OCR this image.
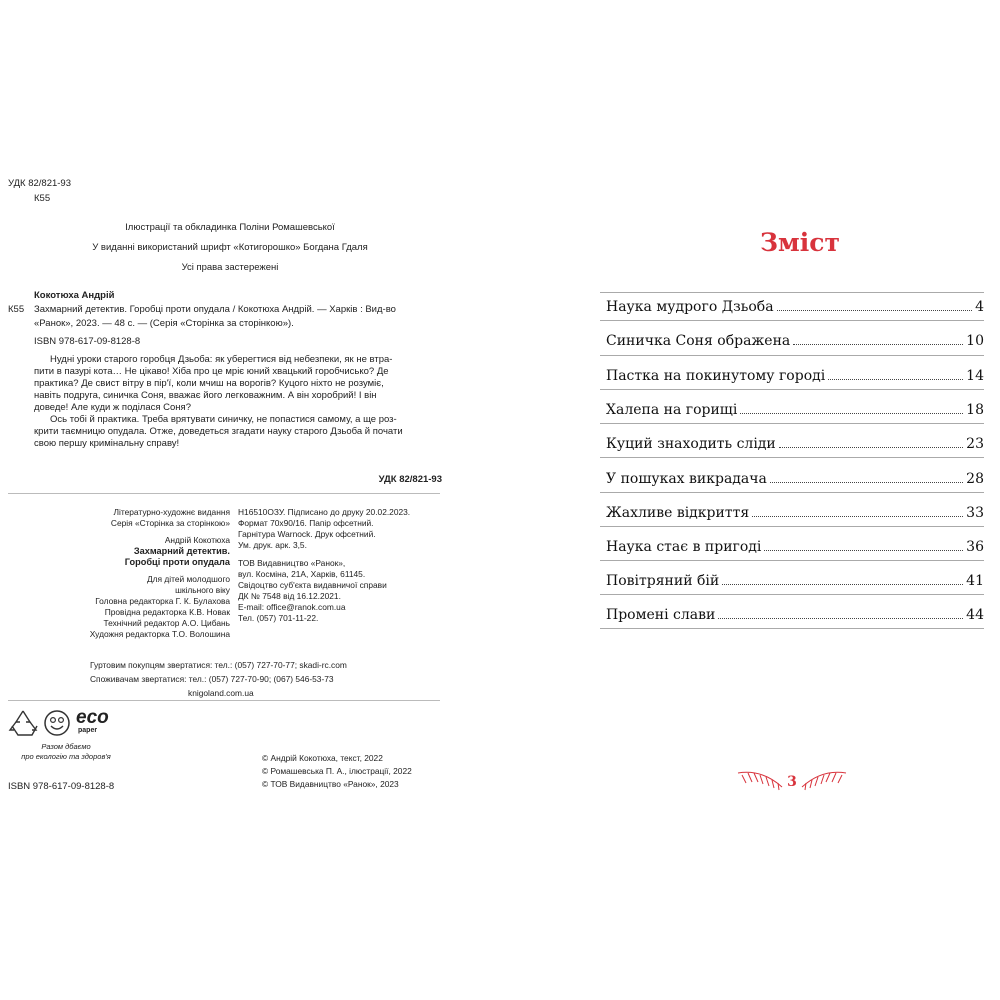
УДК 82/821-93
К55
Ілюстрації та обкладинка Поліни Ромашевської
У виданні використаний шрифт «Котигорошко» Богдана Гдаля
Усі права застережені
Кокотюха Андрій
К55 Захмарний детектив. Горобці проти опудала / Кокотюха Андрій. — Харків : Вид-во
«Ранок», 2023. — 48 с. — (Серія «Сторінка за сторінкою»).
ISBN 978-617-09-8128-8
Нудні уроки старого горобця Дзьоба: як уберегтися від небезпеки, як не втра-
пити в пазурі кота… Не цікаво! Хіба про це мріє юний хвацький горобчисько? Де
практика? Де свист вітру в пір'ї, коли мчиш на ворогів? Куцого ніхто не розуміє,
навіть подруга, синичка Соня, вважає його легковажним. А він хоробрий! І він
доведе! Але куди ж поділася Соня?
Ось тобі й практика. Треба врятувати синичку, не попастися самому, а ще роз-
крити таємницю опудала. Отже, доведеться згадати науку старого Дзьоба й почати
свою першу кримінальну справу!
УДК 82/821-93
Літературно-художнє видання
Серія «Сторінка за сторінкою»
Андрій Кокотюха
Захмарний детектив.
Горобці проти опудала
Для дітей молодшого
шкільного віку
Головна редакторка Г. К. Булахова
Провідна редакторка К.В. Новак
Технічний редактор А.О. Цибань
Художня редакторка Т.О. Волошина
Н16510ОЗУ. Підписано до друку 20.02.2023.
Формат 70х90/16. Папір офсетний.
Гарнітура Warnock. Друк офсетний.
Ум. друк. арк. 3,5.
ТОВ Видавництво «Ранок»,
вул. Косміна, 21А, Харків, 61145.
Свідоцтво суб'єкта видавничої справи
ДК № 7548 від 16.12.2021.
E-mail: office@ranok.com.ua
Тел. (057) 701-11-22.
Гуртовим покупцям звертатися: тел.: (057) 727-70-77; skadi-rc.com
Споживачам звертатися: тел.: (057) 727-70-90; (067) 546-53-73
knigoland.com.ua
eco
paper
Разом дбаємо
про екологію та здоров'я
ISBN 978-617-09-8128-8
© Андрій Кокотюха, текст, 2022
© Ромашевська П. А., ілюстрації, 2022
© ТОВ Видавництво «Ранок», 2023
Зміст
Наука мудрого Дзьоба	4
Синичка Соня ображена	10
Пастка на покинутому городі	14
Халепа на горищі	18
Куций знаходить сліди	23
У пошуках викрадача	28
Жахливе відкриття	33
Наука стає в пригоді	36
Повітряний бій	41
Промені слави	44
3
